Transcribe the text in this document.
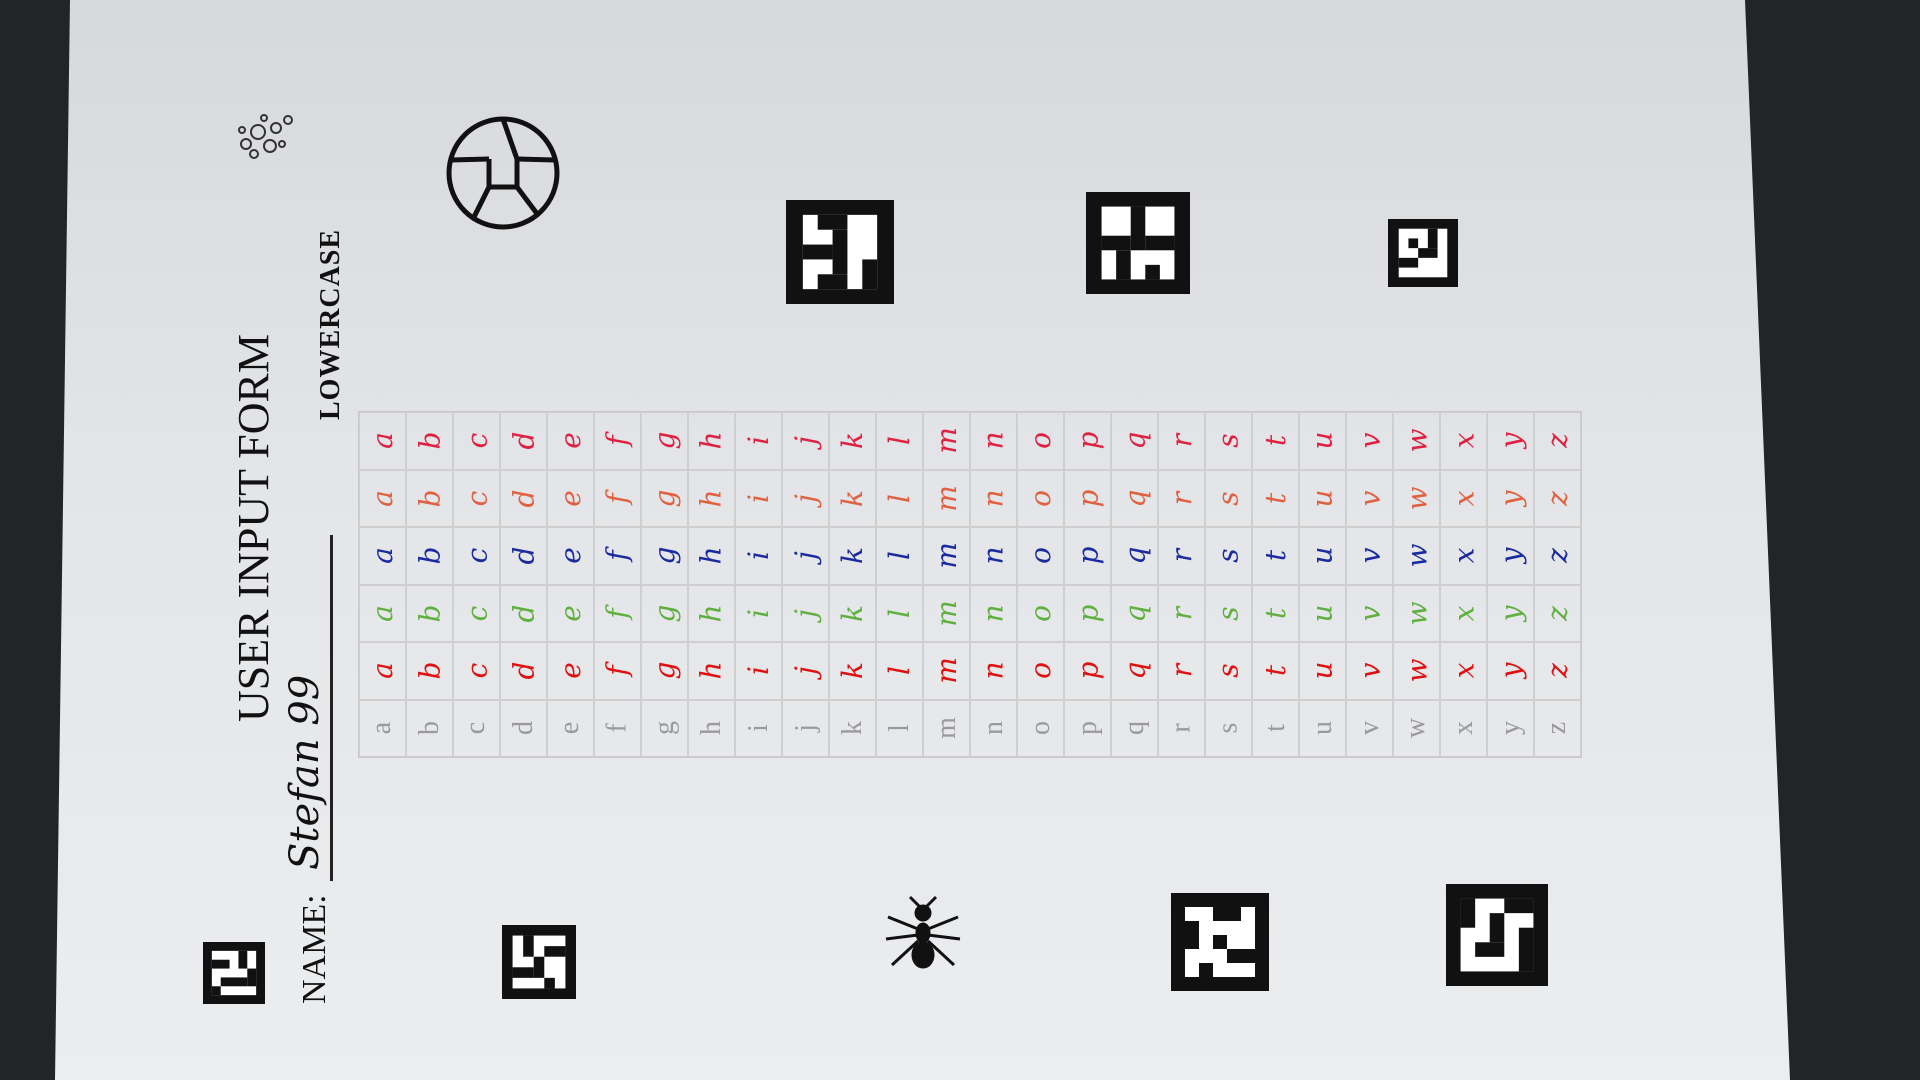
USER INPUT FORM
NAME:
Stefan 99
LOWERCASE
a b c d e f g h i j k l m n o p q r s t u v w x y z
a b c d e f g h i j k l m n o p q r s t u v w x y z
a b c d e f g h i j k l m n o p q r s t u v w x y z
a b c d e f g h i j k l m n o p q r s t u v w x y z
a b c d e f g h i j k l m n o p q r s t u v w x y z
a b c d e f g h i j k l m n o p q r s t u v w x y z
